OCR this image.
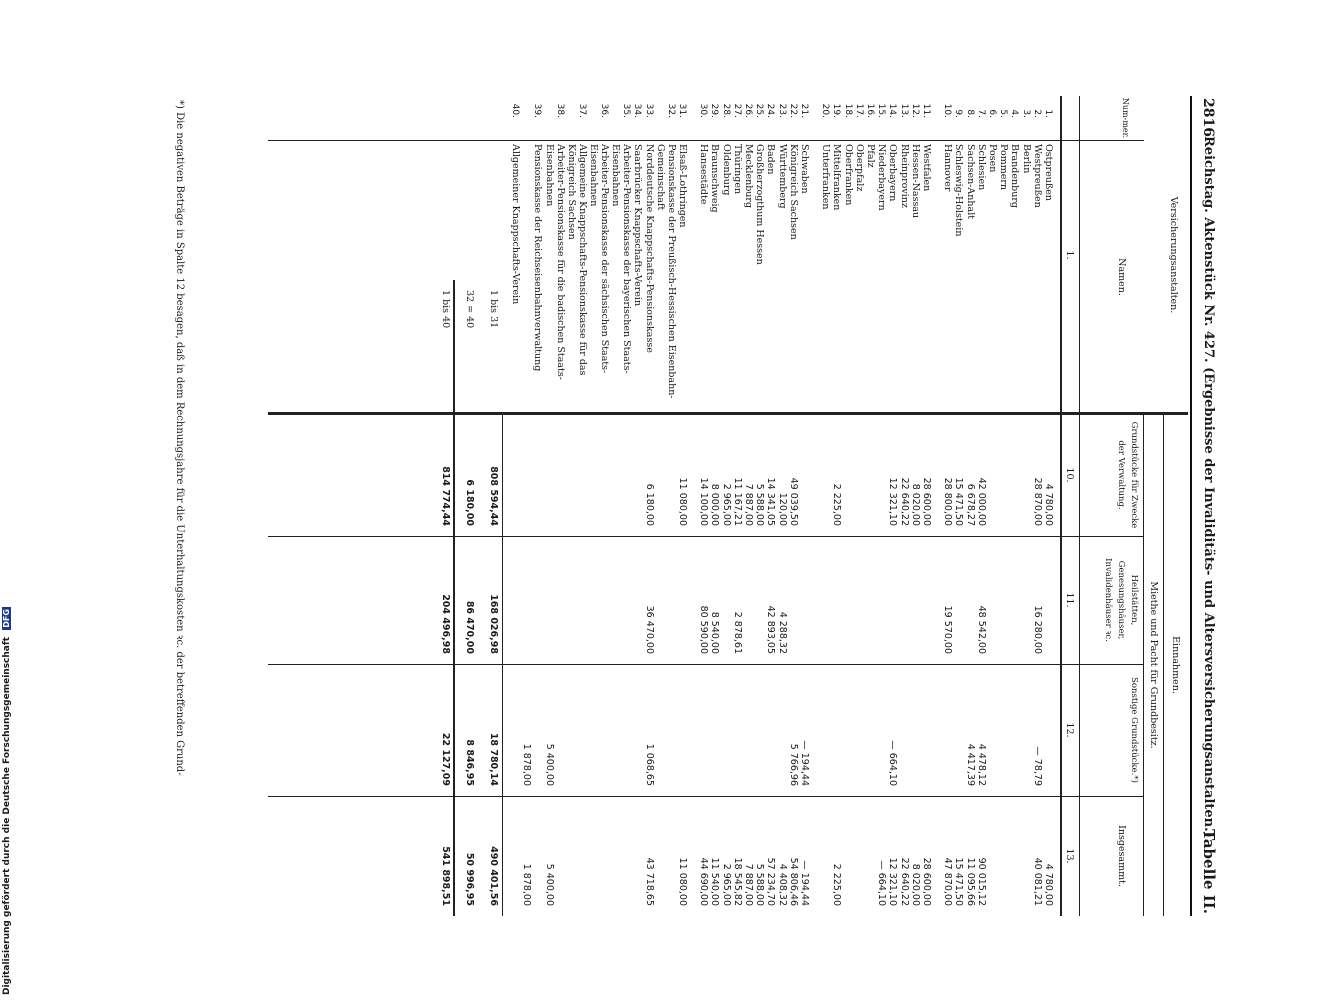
2816
Reichstag. Aktenstück Nr. 427. (Ergebnisse der Invaliditäts- und Altersversicherungsanstalten.)
Tabelle II.
Versicherungsanstalten.
Einnahmen.
Miethe und Pacht für Grundbesitz.
Num-mer.
Namen.
Grundstücke für Zwecke der Verwaltung.
Heilstätten, Genesungshäuser, Invalidenhäuser ꝛc.
Sonstige Grundstücke.*)
Insgesammt.
1.
10.
11.
12.
13.
1.
Ostpreußen
4 780,00
4 780,00
2.
Westpreußen
28 870,00
16 280,00
— 78,79
40 081,21
3.
Berlin
4.
Brandenburg
5.
Pommern
6.
Posen
7.
Schlesien
42 000,00
48 542,00
4 478,12
90 015,12
8.
Sachsen-Anhalt
6 678,27
4 417,39
11 095,66
9.
Schleswig-Holstein
15 471,50
15 471,50
10.
Hannover
28 800,00
19 570,00
47 870,00
11.
Westfalen
28 600,00
28 600,00
12.
Hessen-Nassau
8 020,00
8 020,00
13.
Rheinprovinz
22 640,22
22 640,22
14.
Oberbayern
12 321,10
— 664,10
12 321,10
15.
Niederbayern
— 664,10
16.
Pfalz
17.
Oberpfalz
18.
Oberfranken
19.
Mittelfranken
2 225,00
2 225,00
20.
Unterfranken
21.
Schwaben
— 194,44
— 194,44
22.
Königreich Sachsen
49 039,50
5 766,96
54 806,46
23.
Württemberg
120,00
4 288,32
4 408,32
24.
Baden
14 341,05
42 893,05
57 234,70
25.
Großherzogthum Hessen
5 588,00
5 588,00
26.
Mecklenburg
7 887,00
7 887,00
27.
Thüringen
11 167,21
2 878,61
18 545,82
28.
Oldenburg
2 965,00
2 965,00
29.
Braunschweig
8 000,00
8 540,00
11 540,00
30.
Hansestädte
14 100,00
80 590,00
44 690,00
31.
Elsaß-Lothringen
11 080,00
11 080,00
32.
Pensionskasse der Preußisch-Hessischen Eisenbahn-Gemeinschaft
33.
Norddeutsche Knappschafts-Pensionskasse
6 180,00
36 470,00
1 068,65
43 718,65
34.
Saarbrücker Knappschafts-Verein
35.
Arbeiter-Pensionskasse der bayerischen Staats-Eisenbahnen
36.
Arbeiter-Pensionskasse der sächsischen Staats-Eisenbahnen
37.
Allgemeine Knappschafts-Pensionskasse für das Königreich Sachsen
38.
Arbeiter-Pensionskasse für die badischen Staats-Eisenbahnen
5 400,00
5 400,00
39.
Pensionskasse der Reichseisenbahnverwaltung
1 878,00
1 878,00
40.
Allgemeiner Knappschafts-Verein
1 bis 31
808 594,44
168 026,98
18 780,14
490 401,56
32 = 40
6 180,00
86 470,00
8 846,95
50 996,95
1 bis 40
814 774,44
204 496,98
22 127,09
541 898,51
*) Die negativen Beträge in Spalte 12 besagen, daß in dem Rechnungsjahre für die Unterhaltungskosten ꝛc. der betreffenden Grund-
Digitalisierung gefördert durch die Deutsche Forschungsgemeinschaft DFG
